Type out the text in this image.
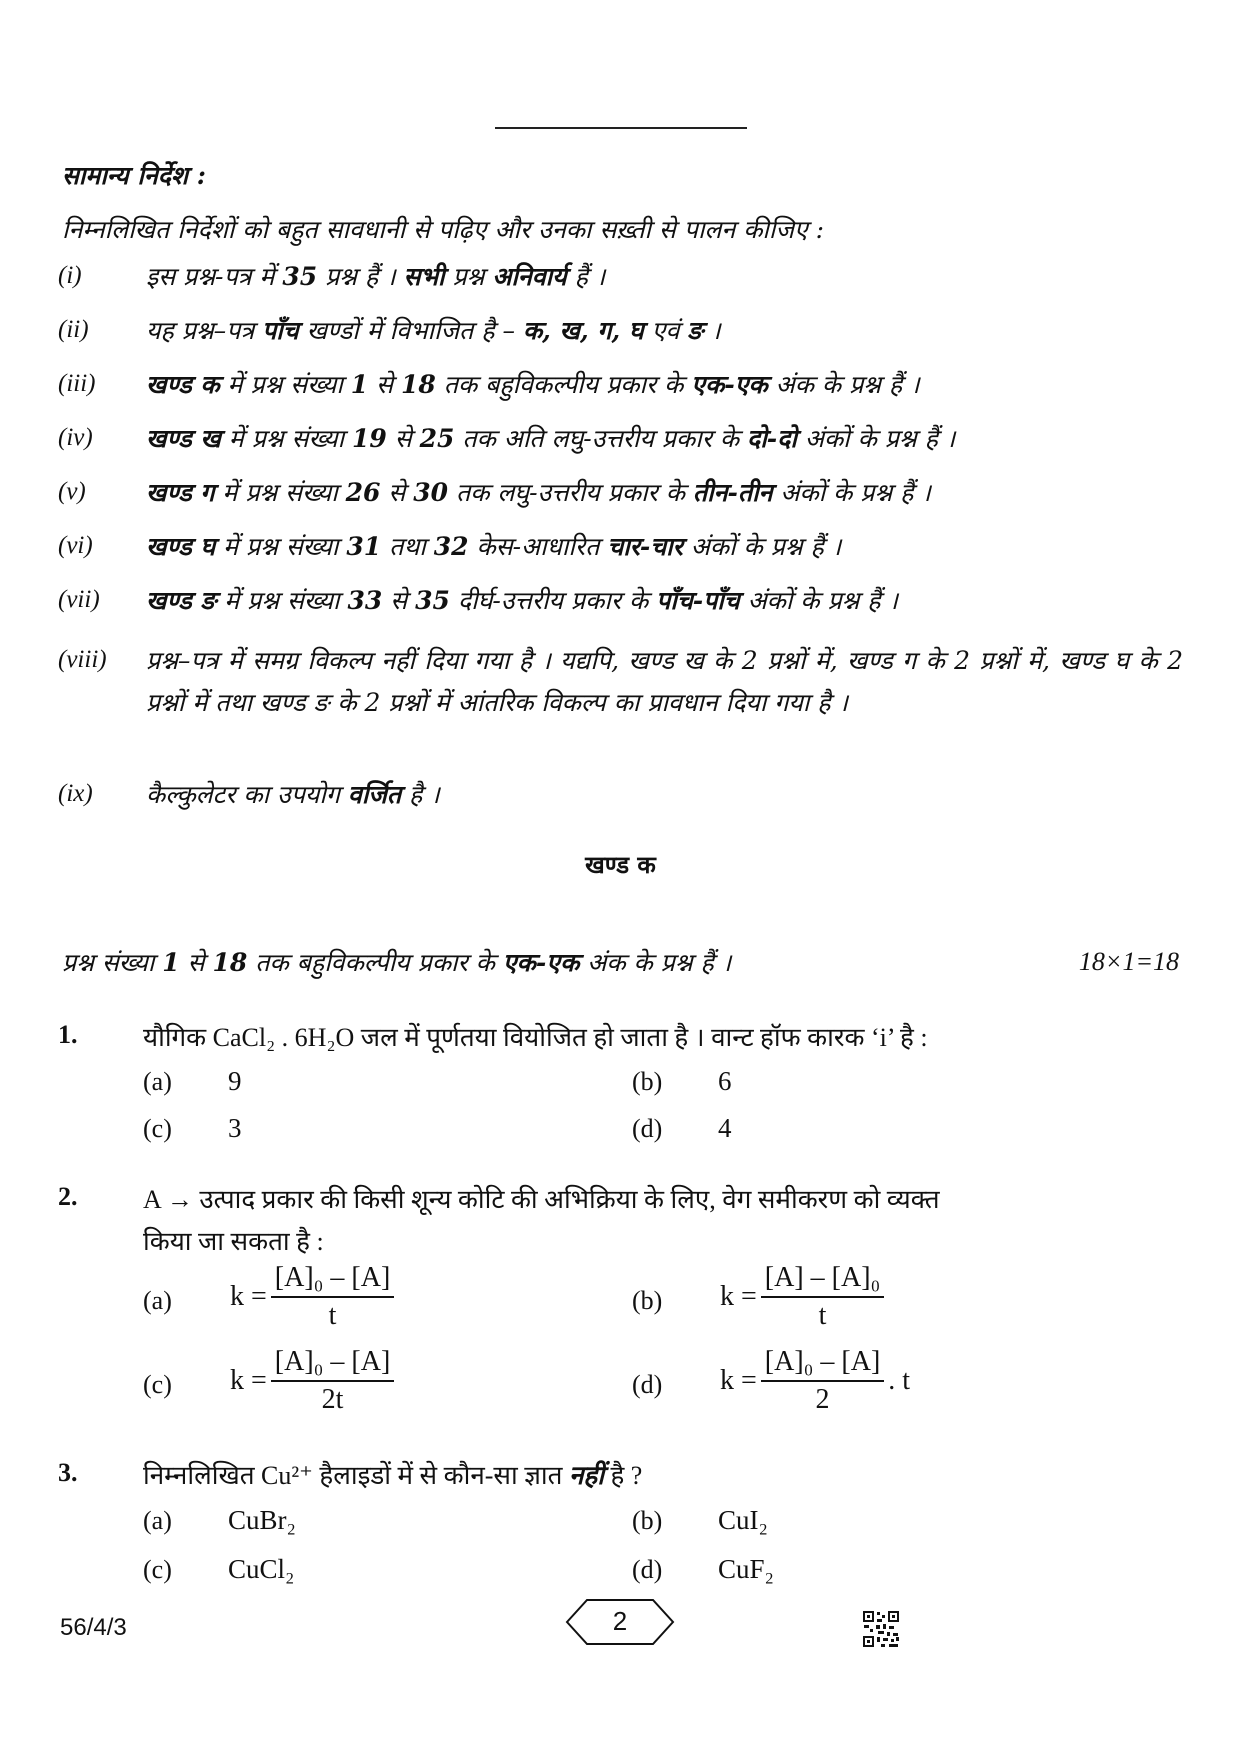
सामान्य निर्देश :
निम्नलिखित निर्देशों को बहुत सावधानी से पढ़िए और उनका सख़्ती से पालन कीजिए :
(i)	इस प्रश्न-पत्र में 35 प्रश्न हैं । सभी प्रश्न अनिवार्य हैं ।
(ii)	यह प्रश्न–पत्र पाँच खण्डों में विभाजित है – क, ख, ग, घ एवं ङ ।
(iii)	खण्ड क में प्रश्न संख्या 1 से 18 तक बहुविकल्पीय प्रकार के एक-एक अंक के प्रश्न हैं ।
(iv)	खण्ड ख में प्रश्न संख्या 19 से 25 तक अति लघु-उत्तरीय प्रकार के दो-दो अंकों के प्रश्न हैं ।
(v)	खण्ड ग में प्रश्न संख्या 26 से 30 तक लघु-उत्तरीय प्रकार के तीन-तीन अंकों के प्रश्न हैं ।
(vi)	खण्ड घ में प्रश्न संख्या 31 तथा 32 केस-आधारित चार-चार अंकों के प्रश्न हैं ।
(vii)	खण्ड ङ में प्रश्न संख्या 33 से 35 दीर्घ-उत्तरीय प्रकार के पाँच-पाँच अंकों के प्रश्न हैं ।
(viii)	प्रश्न–पत्र में समग्र विकल्प नहीं दिया गया है । यद्यपि, खण्ड ख के 2 प्रश्नों में, खण्ड ग के 2 प्रश्नों में, खण्ड घ के 2 प्रश्नों में तथा खण्ड ङ के 2 प्रश्नों में आंतरिक विकल्प का प्रावधान दिया गया है ।
(ix)	कैल्कुलेटर का उपयोग वर्जित है ।
खण्ड क
प्रश्न संख्या 1 से 18 तक बहुविकल्पीय प्रकार के एक-एक अंक के प्रश्न हैं ।	18×1=18
1.	यौगिक CaCl₂ . 6H₂O जल में पूर्णतया वियोजित हो जाता है । वान्ट हॉफ कारक ‘i’ है :
(a) 9	(b) 6
(c) 3	(d) 4
2.	A → उत्पाद प्रकार की किसी शून्य कोटि की अभिक्रिया के लिए, वेग समीकरण को व्यक्त
किया जा सकता है :
(a) $k = \frac{\text{[A]₀ – [A]}}{t}$	(b) $k = \frac{\text{[A] – [A]₀}}{t}$
(c) $k = \frac{\text{[A]₀ – [A]}}{2t}$	(d) $k = \frac{\text{[A]₀ – [A]}}{2}$ . t
3.	निम्नलिखित Cu²⁺ हैलाइडों में से कौन-सा ज्ञात नहीं है ?
(a) CuBr₂	(b) CuI₂
(c) CuCl₂	(d) CuF₂
56/4/3	2
